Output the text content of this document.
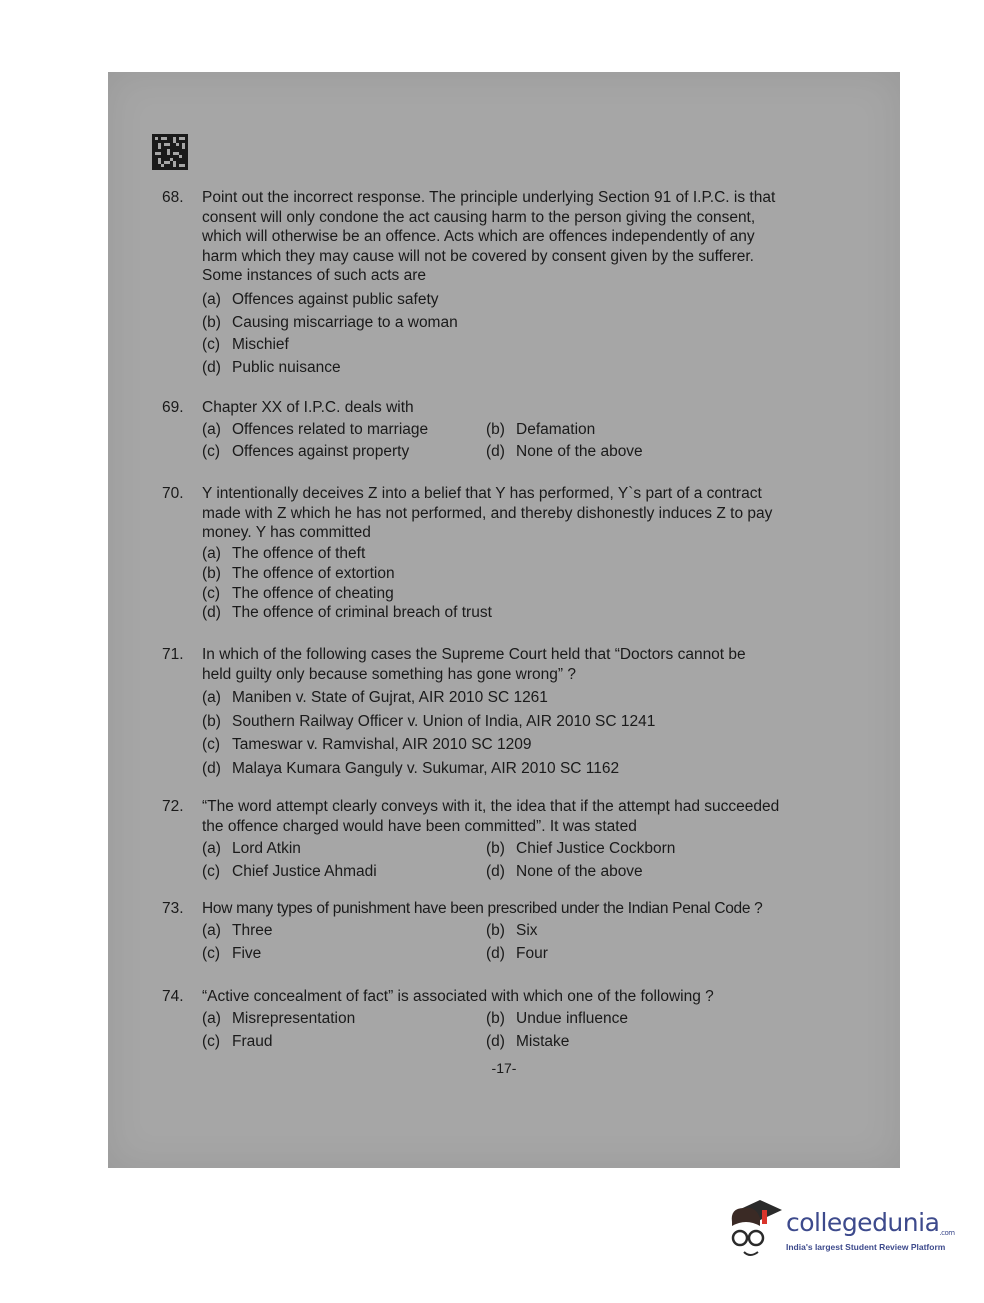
68. Point out the incorrect response. The principle underlying Section 91 of I.P.C. is that
consent will only condone the act causing harm to the person giving the consent,
which will otherwise be an offence. Acts which are offences independently of any
harm which they may cause will not be covered by consent given by the sufferer.
Some instances of such acts are
(a) Offences against public safety
(b) Causing miscarriage to a woman
(c) Mischief
(d) Public nuisance
69. Chapter XX of I.P.C. deals with
(a) Offences related to marriage	(b) Defamation
(c) Offences against property	(d) None of the above
70. Y intentionally deceives Z into a belief that Y has performed, Y`s part of a contract
made with Z which he has not performed, and thereby dishonestly induces Z to pay
money. Y has committed
(a) The offence of theft
(b) The offence of extortion
(c) The offence of cheating
(d) The offence of criminal breach of trust
71. In which of the following cases the Supreme Court held that “Doctors cannot be
held guilty only because something has gone wrong” ?
(a) Maniben v. State of Gujrat, AIR 2010 SC 1261
(b) Southern Railway Officer v. Union of India, AIR 2010 SC 1241
(c) Tameswar v. Ramvishal, AIR 2010 SC 1209
(d) Malaya Kumara Ganguly v. Sukumar, AIR 2010 SC 1162
72. “The word attempt clearly conveys with it, the idea that if the attempt had succeeded
the offence charged would have been committed”. It was stated
(a) Lord Atkin	(b) Chief Justice Cockborn
(c) Chief Justice Ahmadi	(d) None of the above
73. How many types of punishment have been prescribed under the Indian Penal Code ?
(a) Three	(b) Six
(c) Five	(d) Four
74. “Active concealment of fact” is associated with which one of the following ?
(a) Misrepresentation	(b) Undue influence
(c) Fraud	(d) Mistake
-17-
collegedunia.com
India's largest Student Review Platform
